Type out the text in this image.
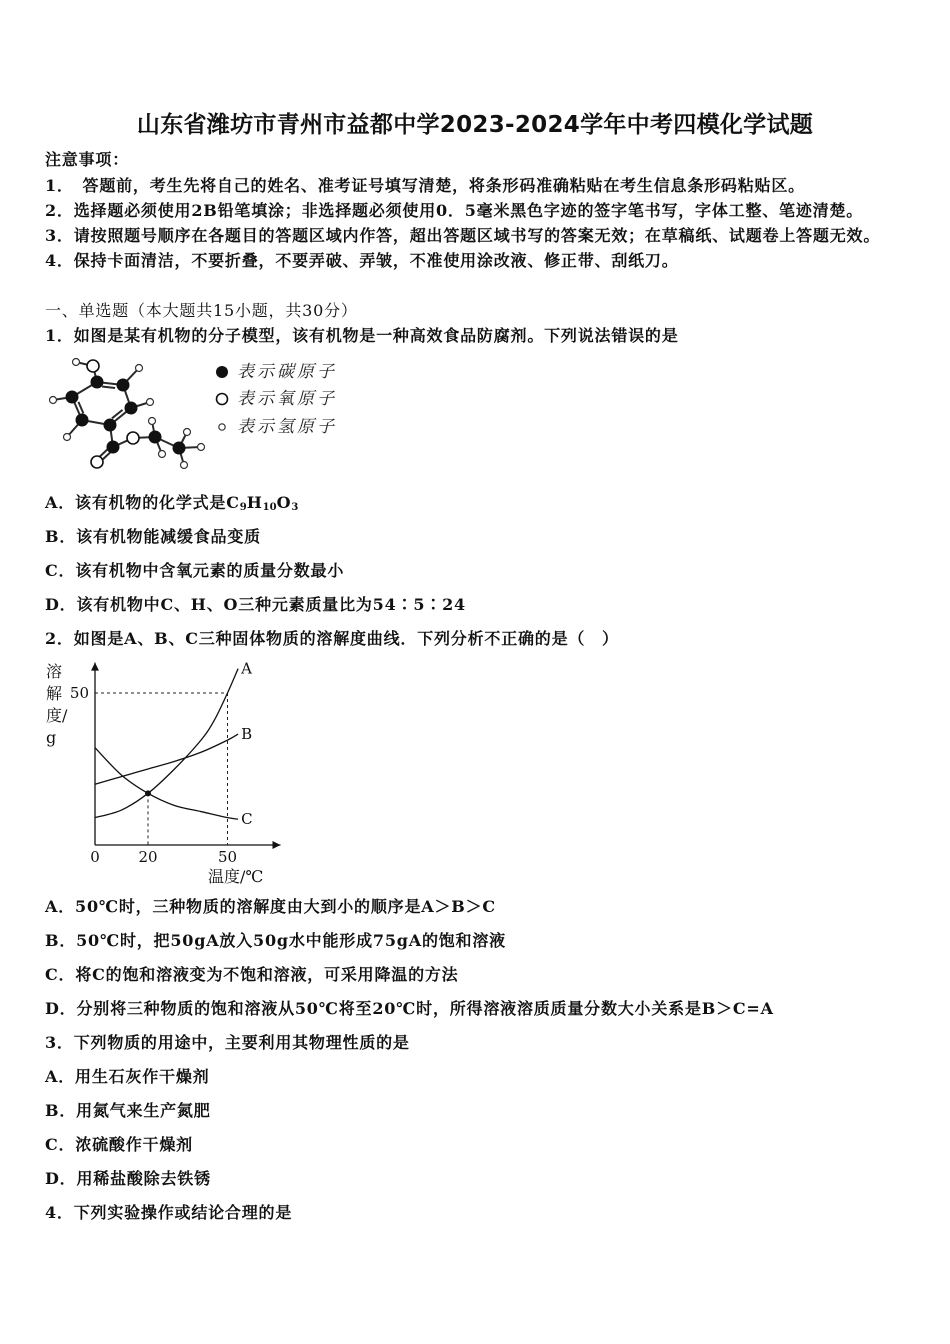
山东省潍坊市青州市益都中学2023-2024学年中考四模化学试题
注意事项：
1．　答题前，考生先将自己的姓名、准考证号填写清楚，将条形码准确粘贴在考生信息条形码粘贴区。
2．选择题必须使用2B铅笔填涂；非选择题必须使用0．5毫米黑色字迹的签字笔书写，字体工整、笔迹清楚。
3．请按照题号顺序在各题目的答题区域内作答，超出答题区域书写的答案无效；在草稿纸、试题卷上答题无效。
4．保持卡面清洁，不要折叠，不要弄破、弄皱，不准使用涂改液、修正带、刮纸刀。
一、单选题（本大题共15小题，共30分）
1．如图是某有机物的分子模型，该有机物是一种高效食品防腐剂。下列说法错误的是
表示碳原子
表示氧原子
表示氢原子
A．该有机物的化学式是$C_9H_{10}O_3$
B．该有机物能减缓食品变质
C．该有机物中含氧元素的质量分数最小
D．该有机物中C、H、O三种元素质量比为54∶5∶24
2．如图是A、B、C三种固体物质的溶解度曲线．下列分析不正确的是（　）
溶解度/g
A
B
C
0	20	50
50
温度/℃
A．50℃时，三种物质的溶解度由大到小的顺序是A＞B＞C
B．50℃时，把50gA放入50g水中能形成75gA的饱和溶液
C．将C的饱和溶液变为不饱和溶液，可采用降温的方法
D．分别将三种物质的饱和溶液从50℃将至20℃时，所得溶液溶质质量分数大小关系是B＞C=A
3．下列物质的用途中，主要利用其物理性质的是
A．用生石灰作干燥剂
B．用氮气来生产氮肥
C．浓硫酸作干燥剂
D．用稀盐酸除去铁锈
4．下列实验操作或结论合理的是
